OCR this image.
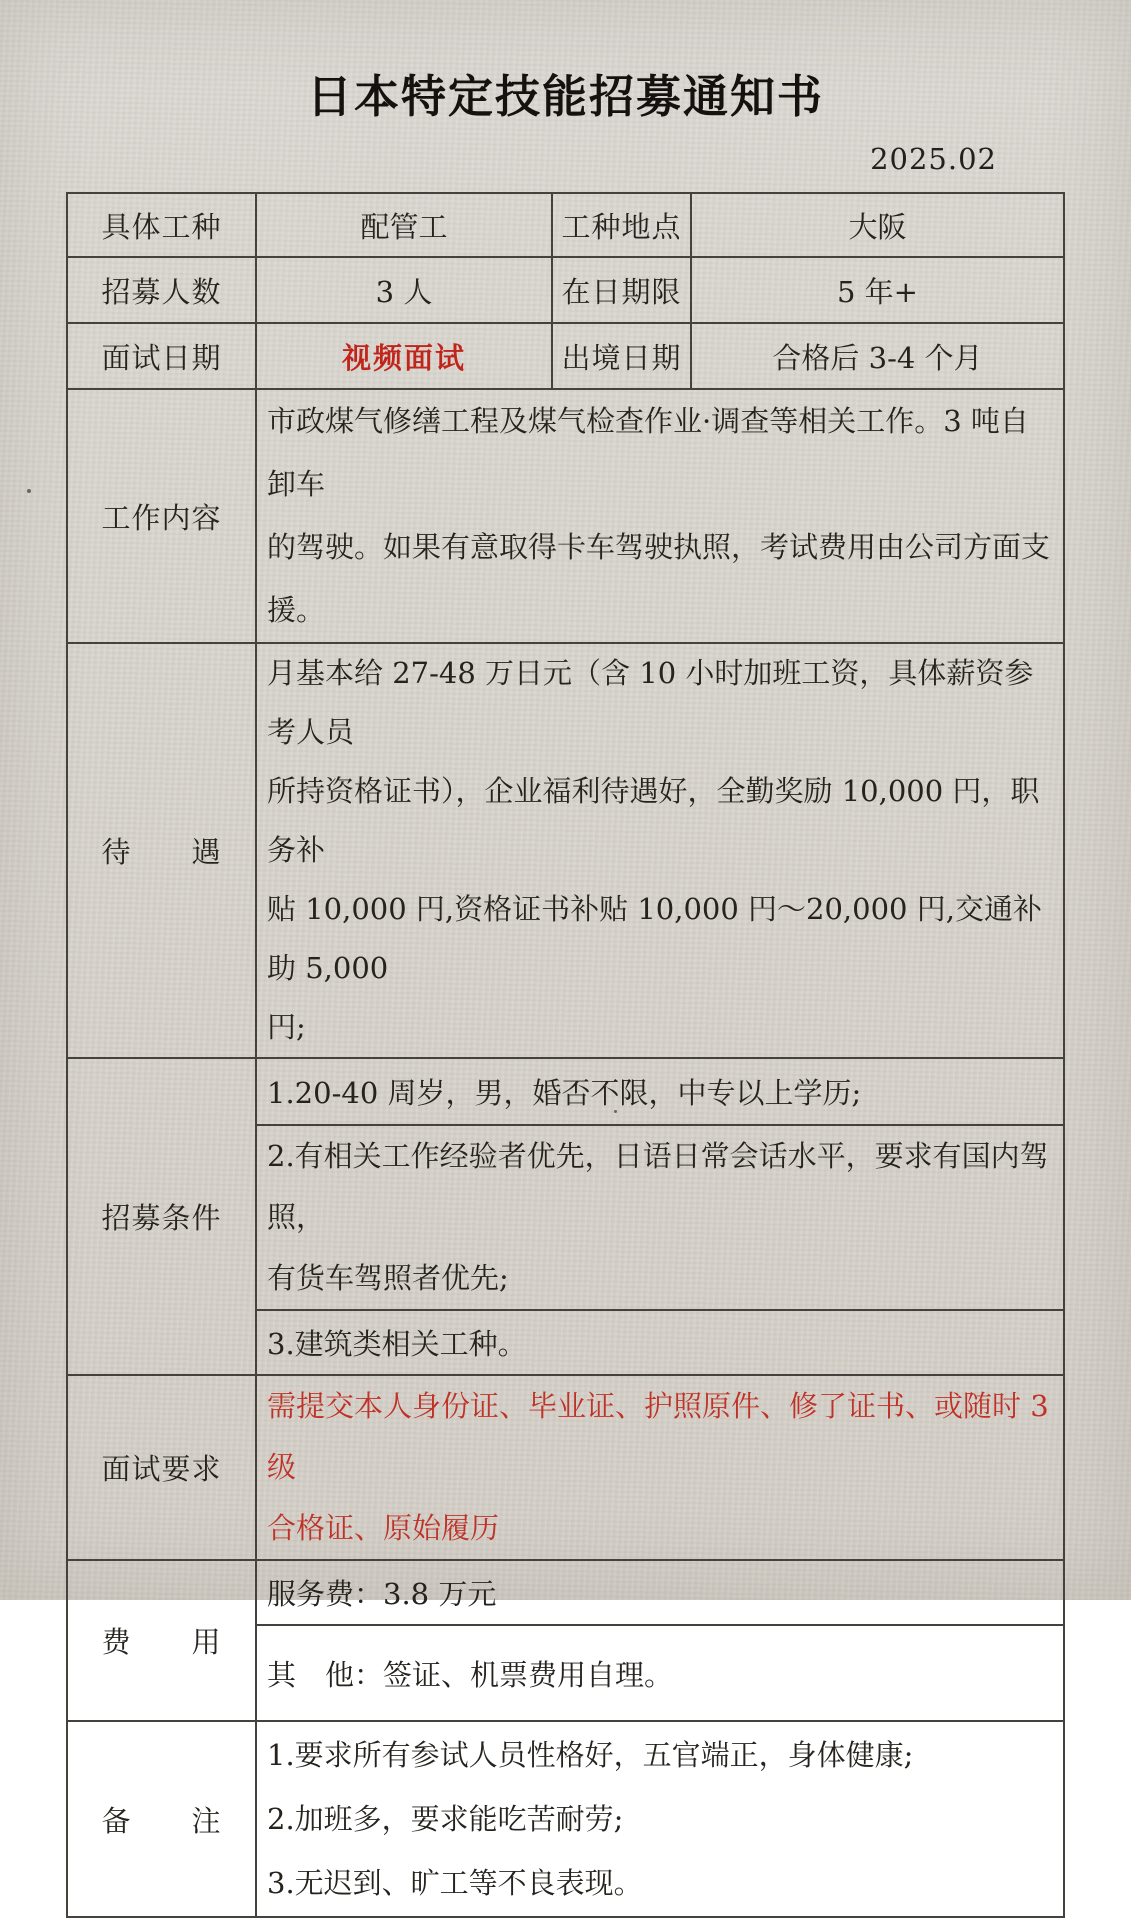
日本特定技能招募通知书
2025.02
具体工种	配管工	工种地点	大阪
招募人数	3 人	在日期限	5 年+
面试日期	视频面试	出境日期	合格后 3-4 个月
工作内容	市政煤气修缮工程及煤气检查作业·调查等相关工作。3 吨自卸车
的驾驶。如果有意取得卡车驾驶执照，考试费用由公司方面支援。		

待　　遇	月基本给 27-48 万日元（含 10 小时加班工资，具体薪资参考人员
所持资格证书），企业福利待遇好，全勤奖励 10,000 円，职务补
贴 10,000 円,资格证书补贴 10,000 円～20,000 円,交通补助 5,000
円;		

招募条件	1.20-40 周岁，男，婚否不限，中专以上学历;		

	2.有相关工作经验者优先，日语日常会话水平，要求有国内驾照，
有货车驾照者优先;		

	3.建筑类相关工种。		
面试要求	需提交本人身份证、毕业证、护照原件、修了证书、或随时 3 级
合格证、原始履历		

费　　用	服务费：3.8 万元		
	其　他：签证、机票费用自理。		
备　　注	1.要求所有参试人员性格好，五官端正，身体健康;
2.加班多，要求能吃苦耐劳;
3.无迟到、旷工等不良表现。		
